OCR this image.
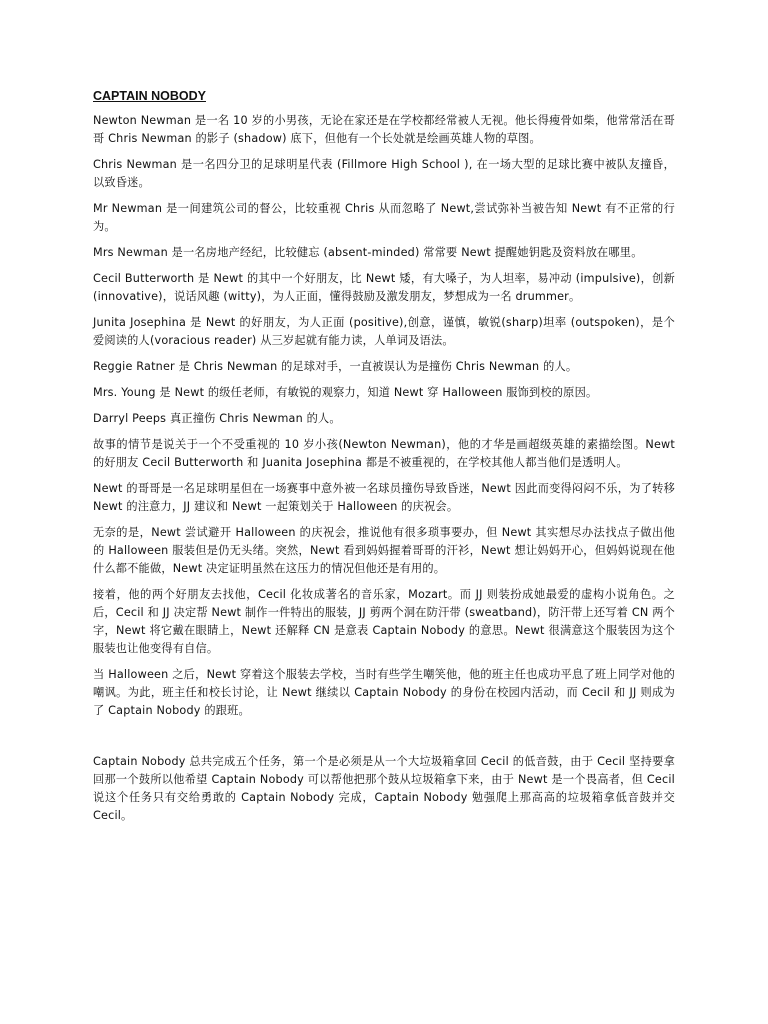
CAPTAIN NOBODY

Newton Newman 是一名 10 岁的小男孩，无论在家还是在学校都经常被人无视。他长得瘦骨如柴，他常常活在哥哥 Chris Newman 的影子 (shadow) 底下，但他有一个长处就是绘画英雄人物的草图。

Chris Newman 是一名四分卫的足球明星代表 (Fillmore High School ), 在一场大型的足球比赛中被队友撞昏，以致昏迷。

Mr Newman 是一间建筑公司的督公，比较重视 Chris 从而忽略了 Newt,尝试弥补当被告知 Newt 有不正常的行为。

Mrs Newman 是一名房地产经纪，比较健忘 (absent-minded) 常常要 Newt 提醒她钥匙及资料放在哪里。

Cecil Butterworth 是 Newt 的其中一个好朋友，比 Newt 矮，有大嗓子，为人坦率，易冲动 (impulsive)，创新 (innovative)，说话风趣 (witty)，为人正面，懂得鼓励及激发朋友，梦想成为一名 drummer。

Junita Josephina 是 Newt 的好朋友，为人正面 (positive),创意，谨慎，敏锐(sharp)坦率 (outspoken)，是个爱阅读的人(voracious reader) 从三岁起就有能力读，人单词及语法。

Reggie Ratner 是 Chris Newman 的足球对手，一直被误认为是撞伤 Chris Newman 的人。

Mrs. Young 是 Newt 的级任老师，有敏锐的观察力，知道 Newt 穿 Halloween 服饰到校的原因。

Darryl Peeps 真正撞伤 Chris Newman 的人。

故事的情节是说关于一个不受重视的 10 岁小孩(Newton Newman)，他的才华是画超级英雄的素描绘图。Newt 的好朋友 Cecil Butterworth 和 Juanita Josephina 都是不被重视的，在学校其他人都当他们是透明人。

Newt 的哥哥是一名足球明星但在一场赛事中意外被一名球员撞伤导致昏迷，Newt 因此而变得闷闷不乐，为了转移 Newt 的注意力，JJ 建议和 Newt 一起策划关于 Halloween 的庆祝会。

无奈的是，Newt 尝试避开 Halloween 的庆祝会，推说他有很多琐事要办，但 Newt 其实想尽办法找点子做出他的 Halloween 服装但是仍无头绪。突然，Newt 看到妈妈握着哥哥的汗衫，Newt 想让妈妈开心，但妈妈说现在他什么都不能做，Newt 决定证明虽然在这压力的情况但他还是有用的。

接着，他的两个好朋友去找他，Cecil 化妆成著名的音乐家，Mozart。而 JJ 则装扮成她最爱的虚构小说角色。之后，Cecil 和 JJ 决定帮 Newt 制作一件特出的服装，JJ 剪两个洞在防汗带 (sweatband)，防汗带上还写着 CN 两个字，Newt 将它戴在眼睛上，Newt 还解释 CN 是意表 Captain Nobody 的意思。Newt 很满意这个服装因为这个服装也让他变得有自信。

当 Halloween 之后，Newt 穿着这个服装去学校，当时有些学生嘲笑他，他的班主任也成功平息了班上同学对他的嘲讽。为此，班主任和校长讨论，让 Newt 继续以 Captain Nobody 的身份在校园内活动，而 Cecil 和 JJ 则成为了 Captain Nobody 的跟班。

Captain Nobody 总共完成五个任务，第一个是必须是从一个大垃圾箱拿回 Cecil 的低音鼓，由于 Cecil 坚持要拿回那一个鼓所以他希望 Captain Nobody 可以帮他把那个鼓从垃圾箱拿下来，由于 Newt 是一个畏高者，但 Cecil 说这个任务只有交给勇敢的 Captain Nobody 完成，Captain Nobody 勉强爬上那高高的垃圾箱拿低音鼓并交 Cecil。
